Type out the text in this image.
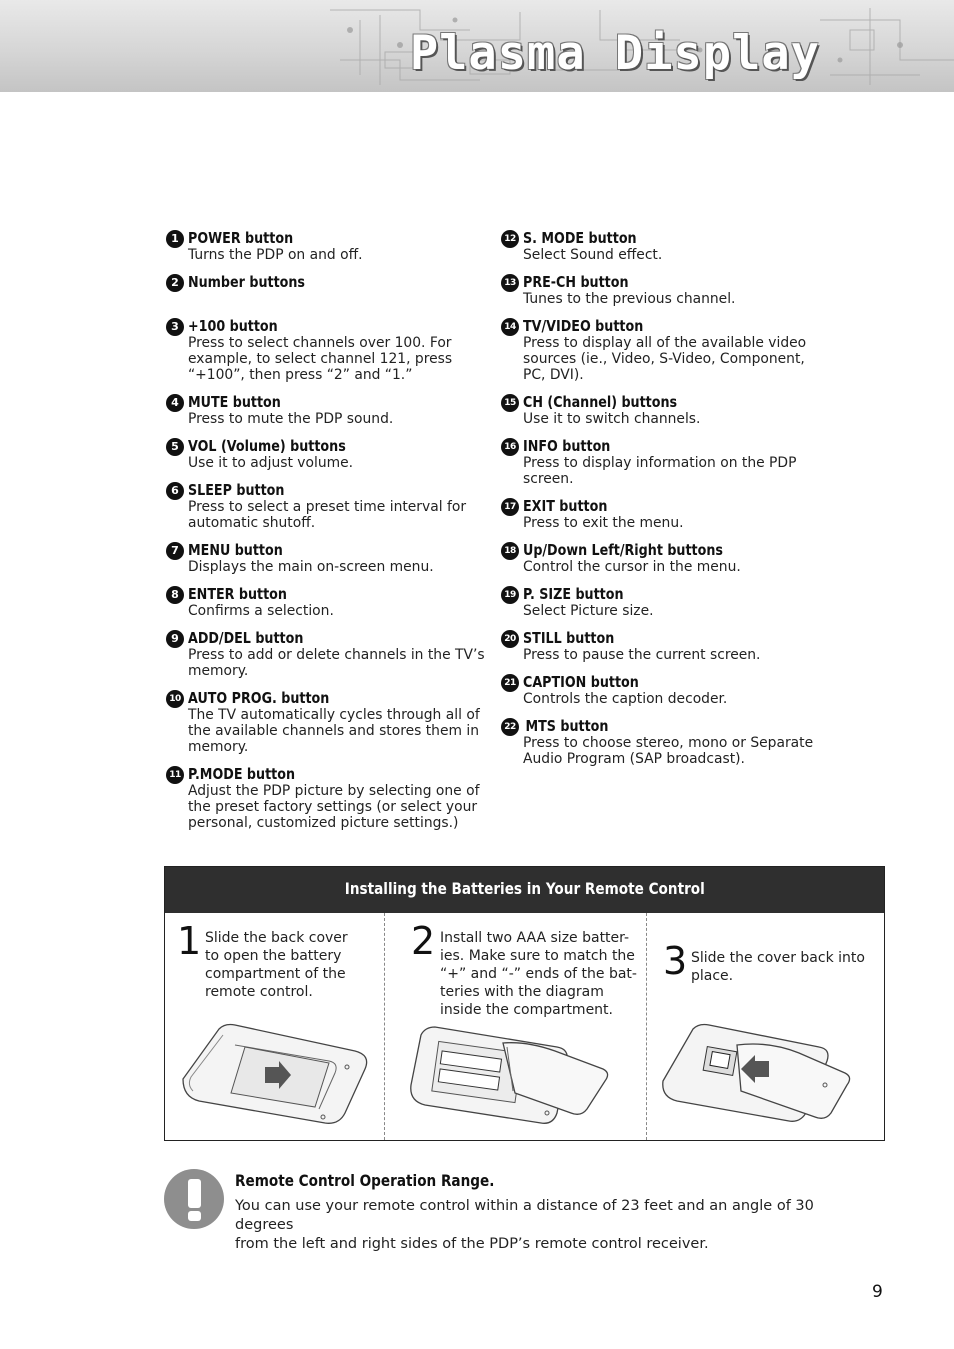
Plasma Display
1 POWER button
Turns the PDP on and off.
2 Number buttons
3 +100 button
Press to select channels over 100. For
example, to select channel 121, press
“+100”, then press “2” and “1.”
4 MUTE button
Press to mute the PDP sound.
5 VOL (Volume) buttons
Use it to adjust volume.
6 SLEEP button
Press to select a preset time interval for
automatic shutoff.
7 MENU button
Displays the main on-screen menu.
8 ENTER button
Confirms a selection.
9 ADD/DEL button
Press to add or delete channels in the TV’s
memory.
10 AUTO PROG. button
The TV automatically cycles through all of
the available channels and stores them in
memory.
11 P.MODE button
Adjust the PDP picture by selecting one of
the preset factory settings (or select your
personal, customized picture settings.)
12 S. MODE button
Select Sound effect.
13 PRE-CH button
Tunes to the previous channel.
14 TV/VIDEO button
Press to display all of the available video
sources (ie., Video, S-Video, Component,
PC, DVI).
15 CH (Channel) buttons
Use it to switch channels.
16 INFO button
Press to display information on the PDP
screen.
17 EXIT button
Press to exit the menu.
18 Up/Down Left/Right buttons
Control the cursor in the menu.
19 P. SIZE button
Select Picture size.
20 STILL button
Press to pause the current screen.
21 CAPTION button
Controls the caption decoder.
22 MTS button
Press to choose stereo, mono or Separate
Audio Program (SAP broadcast).
Installing the Batteries in Your Remote Control
1 Slide the back cover
to open the battery
compartment of the
remote control.
2 Install two AAA size batter-
ies. Make sure to match the
“+” and “-” ends of the bat-
teries with the diagram
inside the compartment.
3 Slide the cover back into
place.
Remote Control Operation Range.
You can use your remote control within a distance of 23 feet and an angle of 30 degrees
from the left and right sides of the PDP’s remote control receiver.
9
